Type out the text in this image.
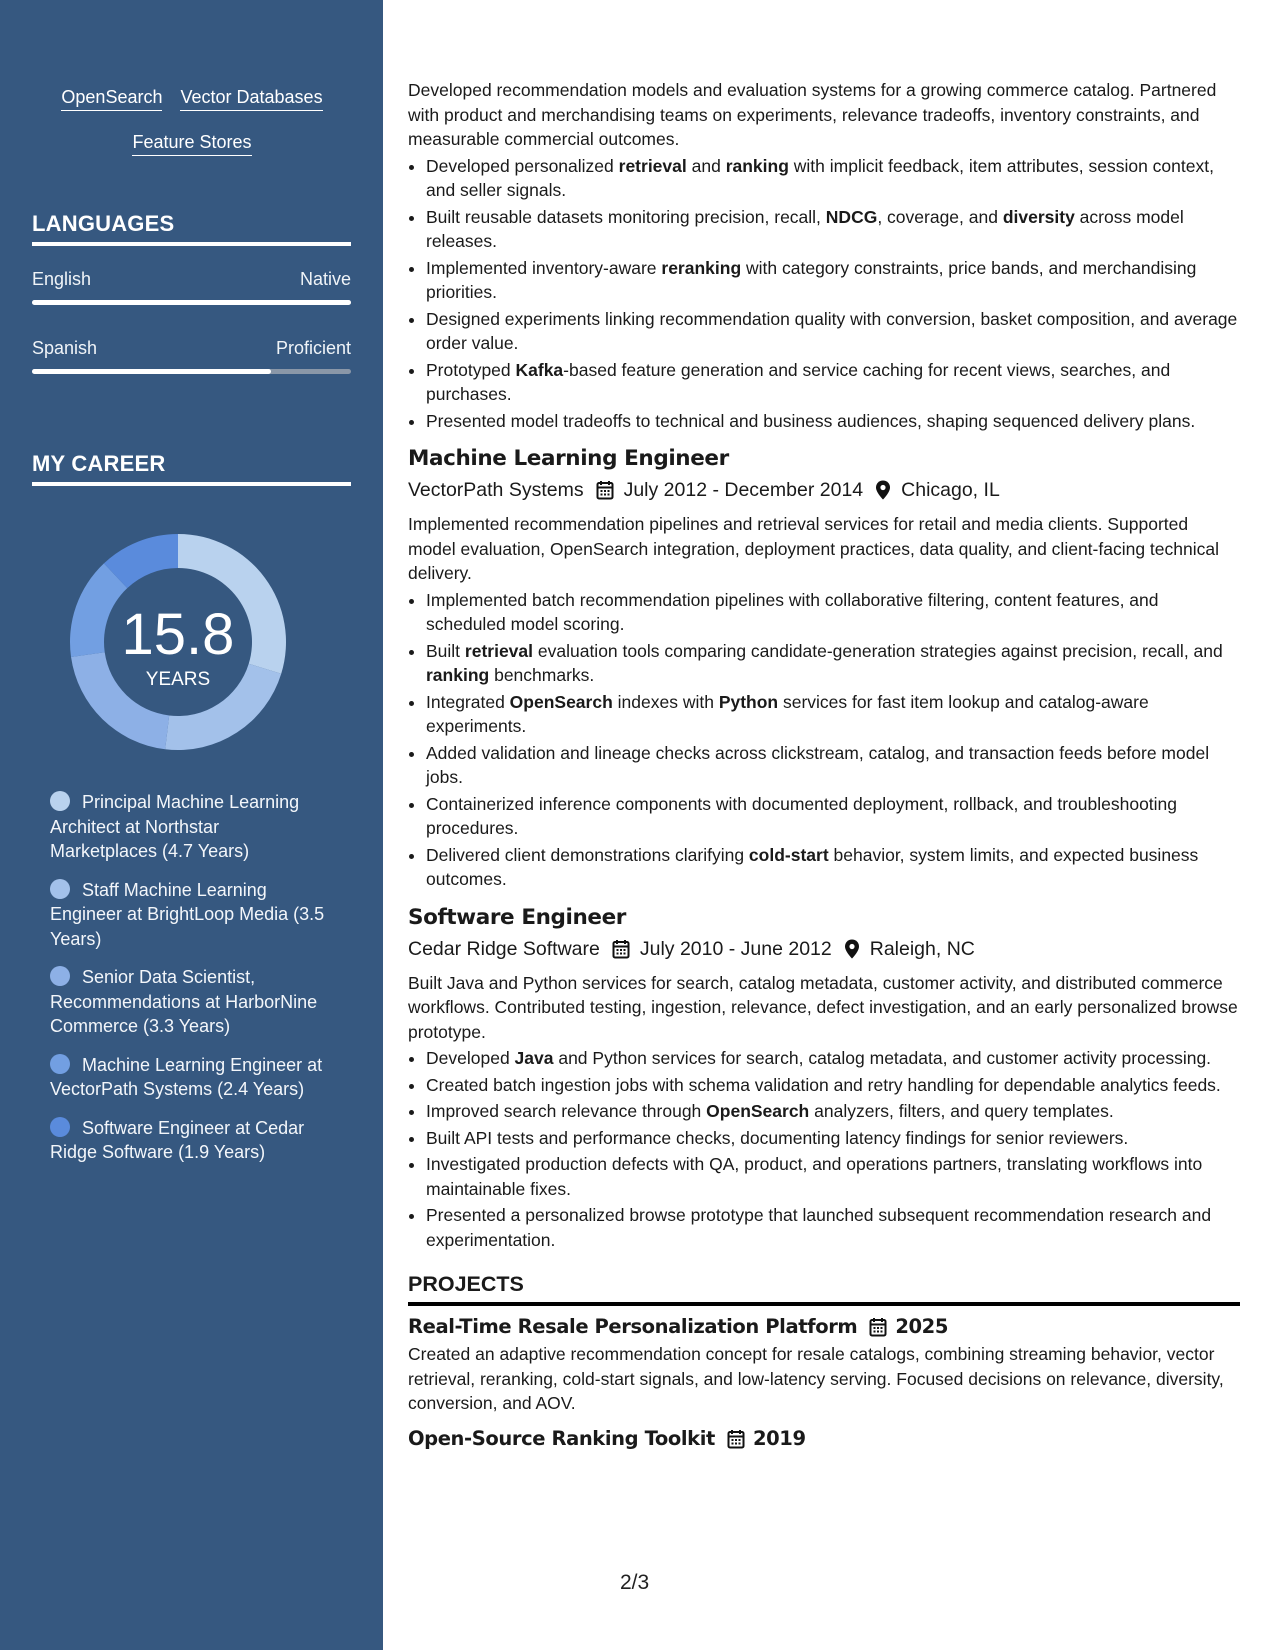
OpenSearch Vector Databases
Feature Stores
LANGUAGES
English	Native
Spanish	Proficient
MY CAREER
15.8
YEARS
Principal Machine Learning Architect at Northstar Marketplaces (4.7 Years)
Staff Machine Learning Engineer at BrightLoop Media (3.5 Years)
Senior Data Scientist, Recommendations at HarborNine Commerce (3.3 Years)
Machine Learning Engineer at VectorPath Systems (2.4 Years)
Software Engineer at Cedar Ridge Software (1.9 Years)

Developed recommendation models and evaluation systems for a growing commerce catalog. Partnered with product and merchandising teams on experiments, relevance tradeoffs, inventory constraints, and measurable commercial outcomes.

• Developed personalized retrieval and ranking with implicit feedback, item attributes, session context, and seller signals.
• Built reusable datasets monitoring precision, recall, NDCG, coverage, and diversity across model releases.
• Implemented inventory-aware reranking with category constraints, price bands, and merchandising priorities.
• Designed experiments linking recommendation quality with conversion, basket composition, and average order value.
• Prototyped Kafka-based feature generation and service caching for recent views, searches, and purchases.
• Presented model tradeoffs to technical and business audiences, shaping sequenced delivery plans.
Machine Learning Engineer
VectorPath Systems July 2012 - December 2014 Chicago, IL

Implemented recommendation pipelines and retrieval services for retail and media clients. Supported model evaluation, OpenSearch integration, deployment practices, data quality, and client-facing technical delivery.

• Implemented batch recommendation pipelines with collaborative filtering, content features, and scheduled model scoring.
• Built retrieval evaluation tools comparing candidate-generation strategies against precision, recall, and ranking benchmarks.
• Integrated OpenSearch indexes with Python services for fast item lookup and catalog-aware experiments.
• Added validation and lineage checks across clickstream, catalog, and transaction feeds before model jobs.
• Containerized inference components with documented deployment, rollback, and troubleshooting procedures.
• Delivered client demonstrations clarifying cold-start behavior, system limits, and expected business outcomes.
Software Engineer
Cedar Ridge Software July 2010 - June 2012 Raleigh, NC

Built Java and Python services for search, catalog metadata, customer activity, and distributed commerce workflows. Contributed testing, ingestion, relevance, defect investigation, and an early personalized browse prototype.

• Developed Java and Python services for search, catalog metadata, and customer activity processing.
• Created batch ingestion jobs with schema validation and retry handling for dependable analytics feeds.
• Improved search relevance through OpenSearch analyzers, filters, and query templates.
• Built API tests and performance checks, documenting latency findings for senior reviewers.
• Investigated production defects with QA, product, and operations partners, translating workflows into maintainable fixes.
• Presented a personalized browse prototype that launched subsequent recommendation research and experimentation.
PROJECTS
Real-Time Resale Personalization Platform 2025

Created an adaptive recommendation concept for resale catalogs, combining streaming behavior, vector retrieval, reranking, cold-start signals, and low-latency serving. Focused decisions on relevance, diversity, conversion, and AOV.

Open-Source Ranking Toolkit 2019
2/3
